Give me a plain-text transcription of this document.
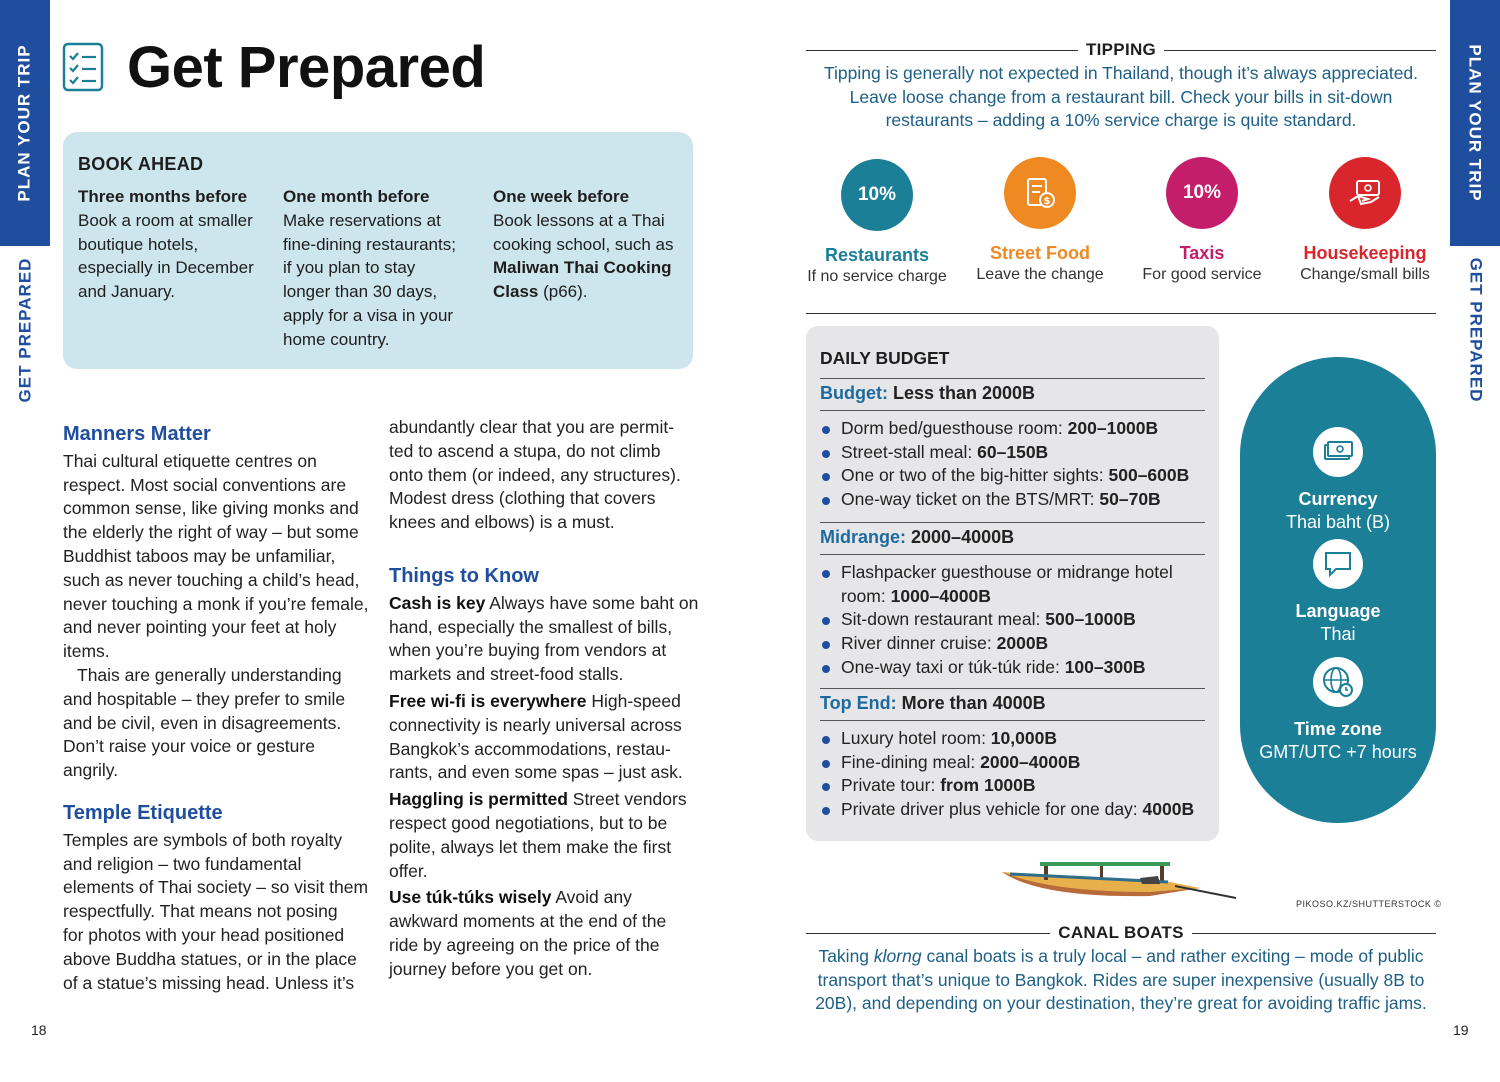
PLAN YOUR TRIP
GET PREPARED
PLAN YOUR TRIP
GET PREPARED
18	19
Get Prepared
BOOK AHEAD
Three months before
Book a room at smaller
boutique hotels,
especially in December
and January.
One month before
Make reservations at
fine-dining restaurants;
if you plan to stay
longer than 30 days,
apply for a visa in your
home country.
One week before
Book lessons at a Thai
cooking school, such as
Maliwan Thai Cooking
Class (p66).
Manners Matter

Thai cultural etiquette centres on
respect. Most social conventions are
common sense, like giving monks and
the elderly the right of way – but some
Buddhist taboos may be unfamiliar,
such as never touching a child’s head,
never touching a monk if you’re female,
and never pointing your feet at holy
items.

Thais are generally understanding
and hospitable – they prefer to smile
and be civil, even in disagreements.
Don’t raise your voice or gesture
angrily.

Temple Etiquette

Temples are symbols of both royalty
and religion – two fundamental
elements of Thai society – so visit them
respectfully. That means not posing
for photos with your head positioned
above Buddha statues, or in the place
of a statue’s missing head. Unless it’s

abundantly clear that you are permit-
ted to ascend a stupa, do not climb
onto them (or indeed, any structures).
Modest dress (clothing that covers
knees and elbows) is a must.
Things to Know

Cash is key Always have some baht on
hand, especially the smallest of bills,
when you’re buying from vendors at
markets and street-food stalls.

Free wi-fi is everywhere High-speed
connectivity is nearly universal across
Bangkok’s accommodations, restau-
rants, and even some spas – just ask.

Haggling is permitted Street vendors
respect good negotiations, but to be
polite, always let them make the first
offer.

Use túk-túks wisely Avoid any
awkward moments at the end of the
ride by agreeing on the price of the
journey before you get on.

TIPPING
Tipping is generally not expected in Thailand, though it’s always appreciated.
Leave loose change from a restaurant bill. Check your bills in sit-down
restaurants – adding a 10% service charge is quite standard.
10%
Restaurants
If no service charge
$
Street Food
Leave the change
10%
Taxis
For good service
Housekeeping
Change/small bills
DAILY BUDGET
Budget: Less than 2000B
Dorm bed/guesthouse room: 200–1000B
Street-stall meal: 60–150B
One or two of the big-hitter sights: 500–600B
One-way ticket on the BTS/MRT: 50–70B
Midrange: 2000–4000B
Flashpacker guesthouse or midrange hotel room: 1000–4000B
Sit-down restaurant meal: 500–1000B
River dinner cruise: 2000B
One-way taxi or túk-túk ride: 100–300B
Top End: More than 4000B
Luxury hotel room: 10,000B
Fine-dining meal: 2000–4000B
Private tour: from 1000B
Private driver plus vehicle for one day: 4000B
Currency
Thai baht (B)
Language
Thai
Time zone
GMT/UTC +7 hours
PIKOSO.KZ/SHUTTERSTOCK ©
CANAL BOATS
Taking klorng canal boats is a truly local – and rather exciting – mode of public
transport that’s unique to Bangkok. Rides are super inexpensive (usually 8B to
20B), and depending on your destination, they’re great for avoiding traffic jams.
